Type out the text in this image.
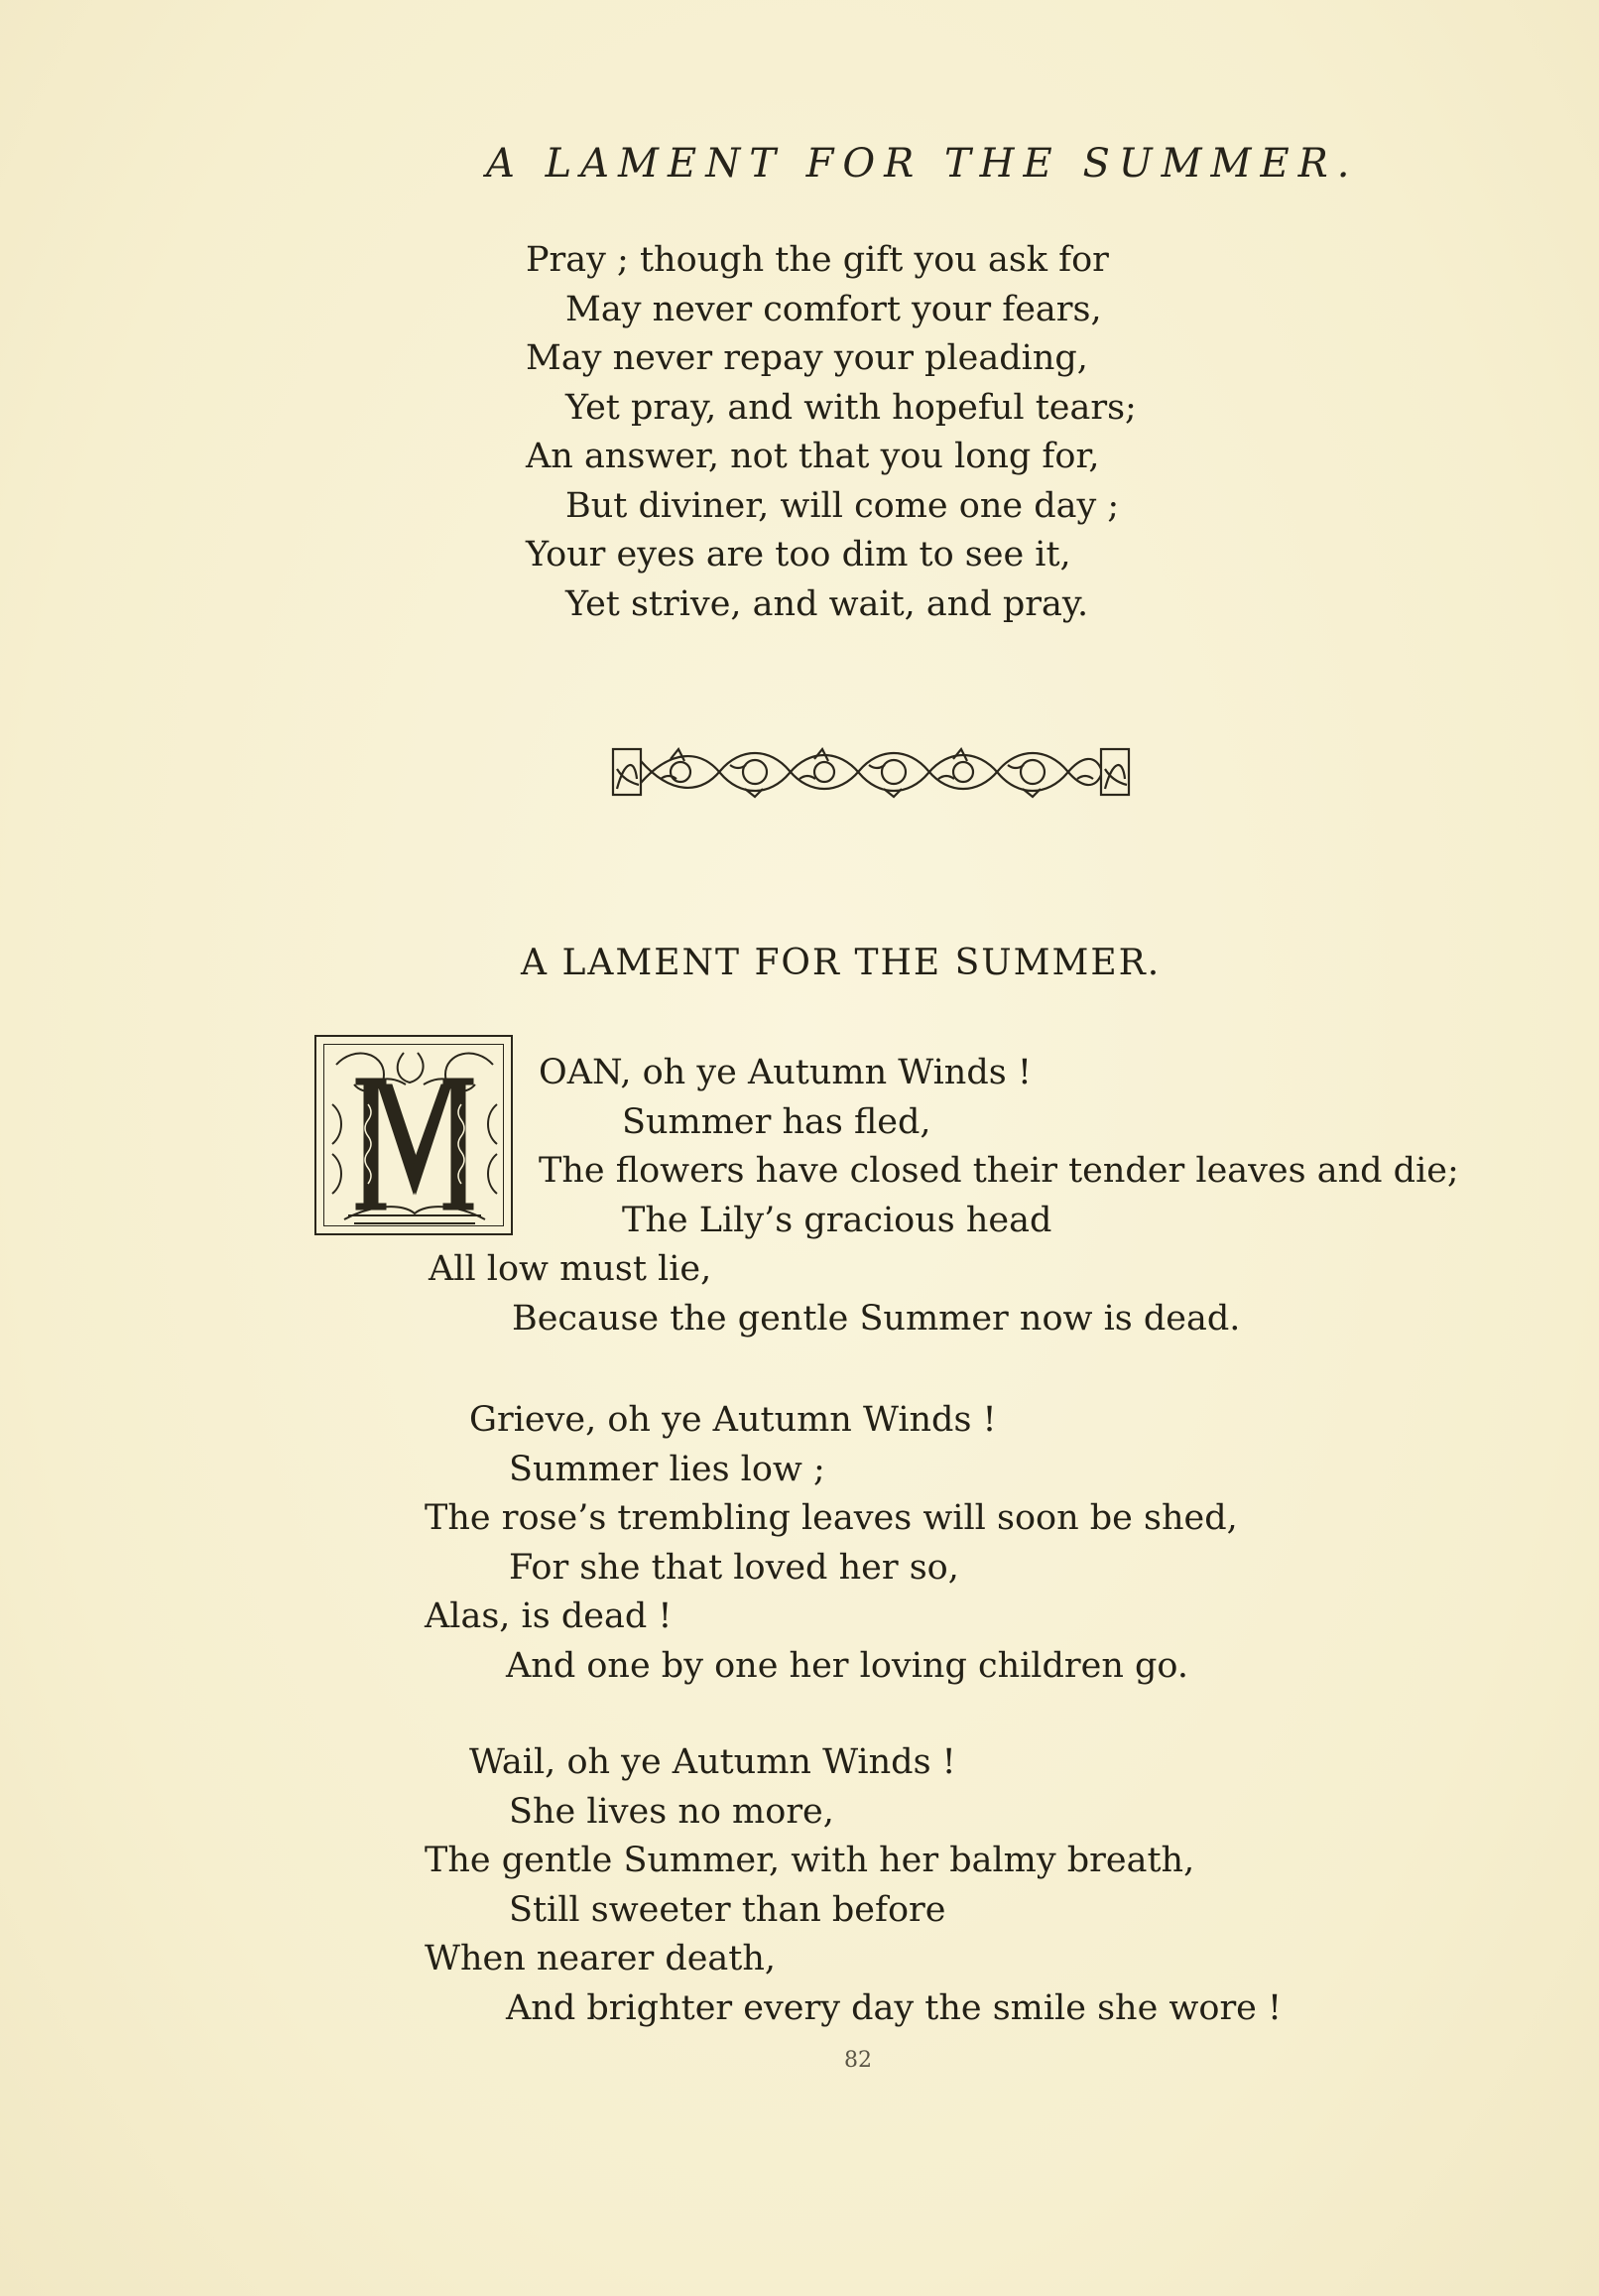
A LAMENT FOR THE SUMMER.
Pray ; though the gift you ask for
May never comfort your fears,
May never repay your pleading,
Yet pray, and with hopeful tears;
An answer, not that you long for,
But diviner, will come one day ;
Your eyes are too dim to see it,
Yet strive, and wait, and pray.
A LAMENT FOR THE SUMMER.
OAN, oh ye Autumn Winds !
Summer has fled,
The flowers have closed their tender leaves and die;
The Lily’s gracious head
All low must lie,
Because the gentle Summer now is dead.
Grieve, oh ye Autumn Winds !
Summer lies low ;
The rose’s trembling leaves will soon be shed,
For she that loved her so,
Alas, is dead !
And one by one her loving children go.
Wail, oh ye Autumn Winds !
She lives no more,
The gentle Summer, with her balmy breath,
Still sweeter than before
When nearer death,
And brighter every day the smile she wore !
82
